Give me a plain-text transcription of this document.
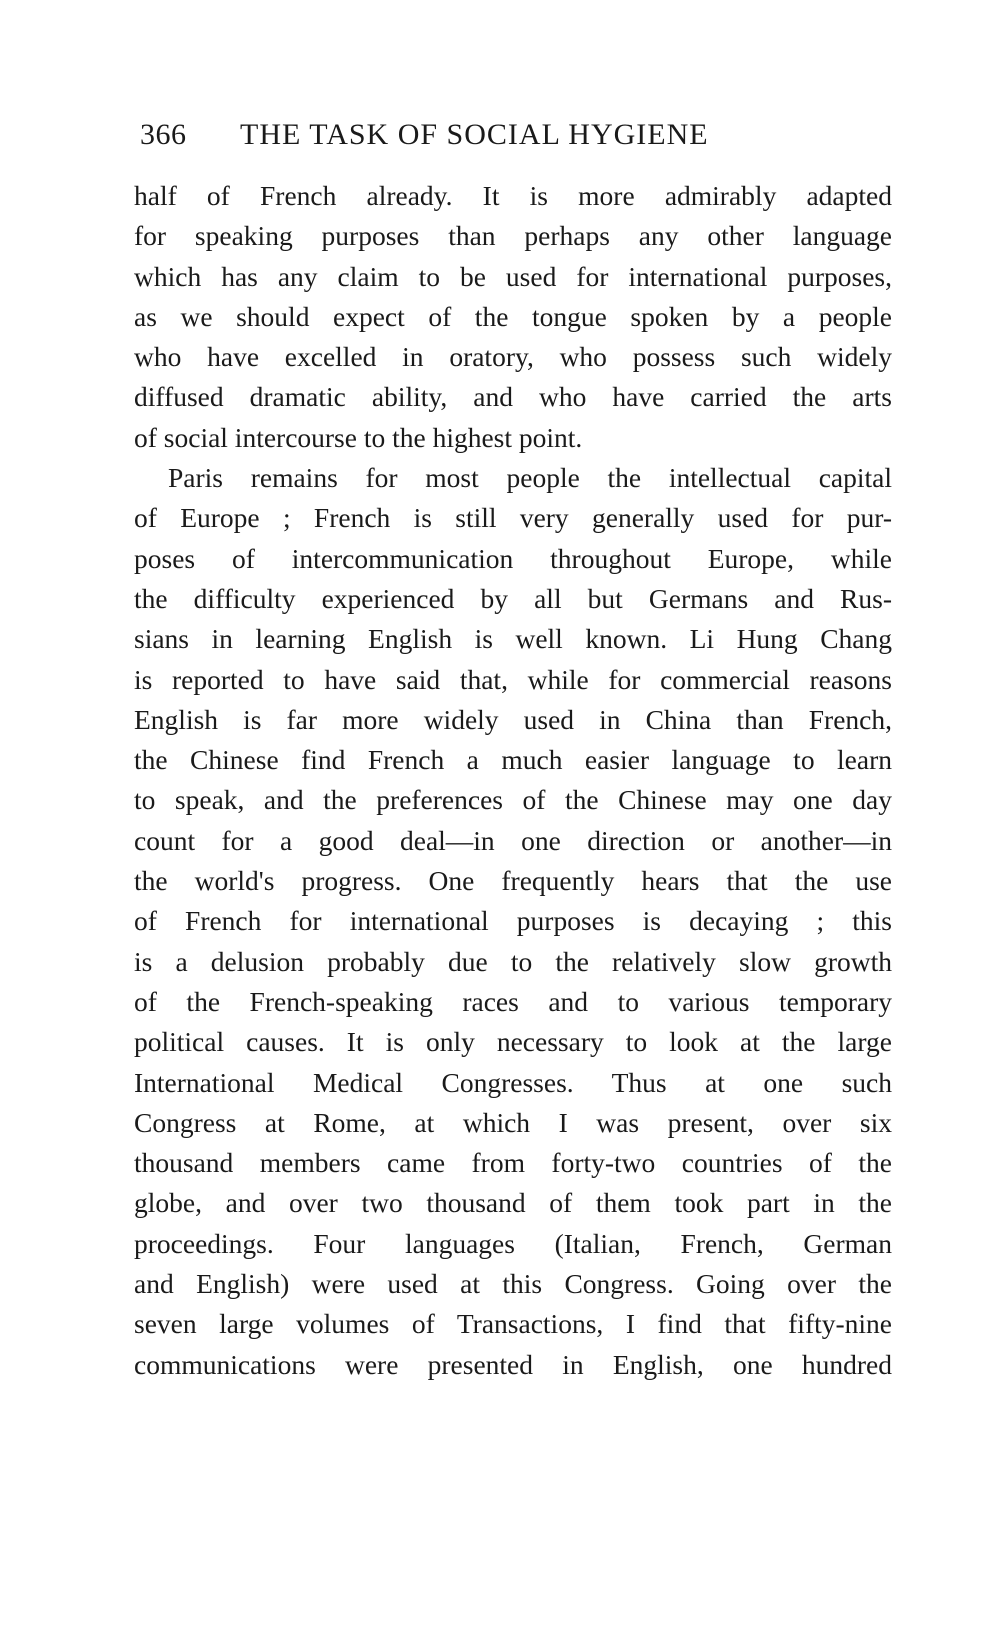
366 THE TASK OF SOCIAL HYGIENE
half of French already. It is more admirably adapted
for speaking purposes than perhaps any other language
which has any claim to be used for international purposes,
as we should expect of the tongue spoken by a people
who have excelled in oratory, who possess such widely
diffused dramatic ability, and who have carried the arts
of social intercourse to the highest point.
Paris remains for most people the intellectual capital
of Europe ; French is still very generally used for pur-
poses of intercommunication throughout Europe, while
the difficulty experienced by all but Germans and Rus-
sians in learning English is well known. Li Hung Chang
is reported to have said that, while for commercial reasons
English is far more widely used in China than French,
the Chinese find French a much easier language to learn
to speak, and the preferences of the Chinese may one day
count for a good deal—in one direction or another—in
the world's progress. One frequently hears that the use
of French for international purposes is decaying ; this
is a delusion probably due to the relatively slow growth
of the French-speaking races and to various temporary
political causes. It is only necessary to look at the large
International Medical Congresses. Thus at one such
Congress at Rome, at which I was present, over six
thousand members came from forty-two countries of the
globe, and over two thousand of them took part in the
proceedings. Four languages (Italian, French, German
and English) were used at this Congress. Going over the
seven large volumes of Transactions, I find that fifty-nine
communications were presented in English, one hundred
